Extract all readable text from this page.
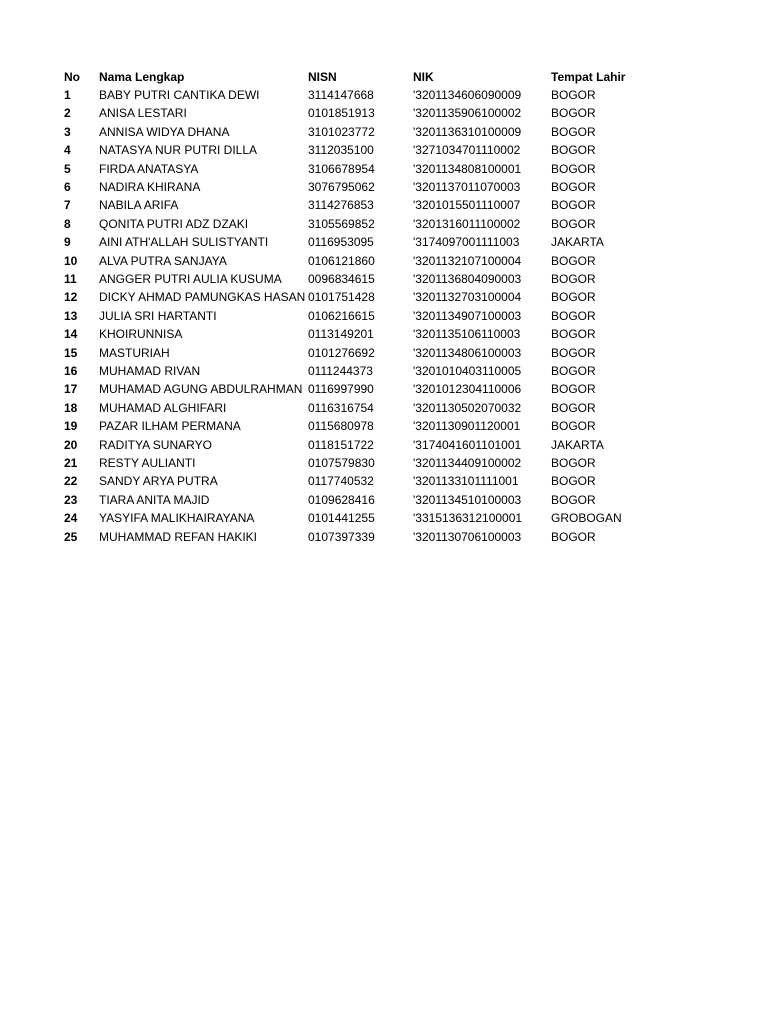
No Nama Lengkap	NISN	NIK	Tempat Lahir
1 BABY PUTRI CANTIKA DEWI	3114147668	'3201134606090009 BOGOR
2 ANISA LESTARI	0101851913	'3201135906100002 BOGOR
3 ANNISA WIDYA DHANA	3101023772	'3201136310100009 BOGOR
4 NATASYA NUR PUTRI DILLA	3112035100	'3271034701110002	BOGOR
5 FIRDA ANATASYA	3106678954	'3201134808100001 BOGOR
6 NADIRA KHIRANA	3076795062	'3201137011070003	BOGOR
7 NABILA ARIFA	3114276853	'3201015501110007	BOGOR
8 QONITA PUTRI ADZ DZAKI	3105569852	'3201316011100002	BOGOR
9 AINI ATH'ALLAH SULISTYANTI	0116953095	'3174097001111003	JAKARTA
10 ALVA PUTRA SANJAYA	0106121860	'3201132107100004 BOGOR
11 ANGGER PUTRI AULIA KUSUMA 0096834615	'3201136804090003 BOGOR
12 DICKY AHMAD PAMUNGKAS HASAN 0101751428	'3201132703100004 BOGOR
13 JULIA SRI HARTANTI	0106216615	'3201134907100003 BOGOR
14 KHOIRUNNISA	0113149201	'3201135106110003	BOGOR
15 MASTURIAH	0101276692	'3201134806100003 BOGOR
16 MUHAMAD RIVAN	0111244373	'3201010403110005 BOGOR
17 MUHAMAD AGUNG ABDULRAHMAN 0116997990	'3201012304110006 BOGOR
18 MUHAMAD ALGHIFARI	0116316754	'3201130502070032 BOGOR
19 PAZAR ILHAM PERMANA	0115680978	'3201130901120001	BOGOR
20 RADITYA SUNARYO	0118151722	'3174041601101001 JAKARTA
21 RESTY AULIANTI	0107579830	'3201134409100002 BOGOR
22 SANDY ARYA PUTRA	0117740532	'3201133101111001	BOGOR
23 TIARA ANITA MAJID	0109628416	'3201134510100003 BOGOR
24 YASYIFA MALIKHAIRAYANA	0101441255	'3315136312100001 GROBOGAN
25 MUHAMMAD REFAN HAKIKI	0107397339	'3201130706100003 BOGOR
